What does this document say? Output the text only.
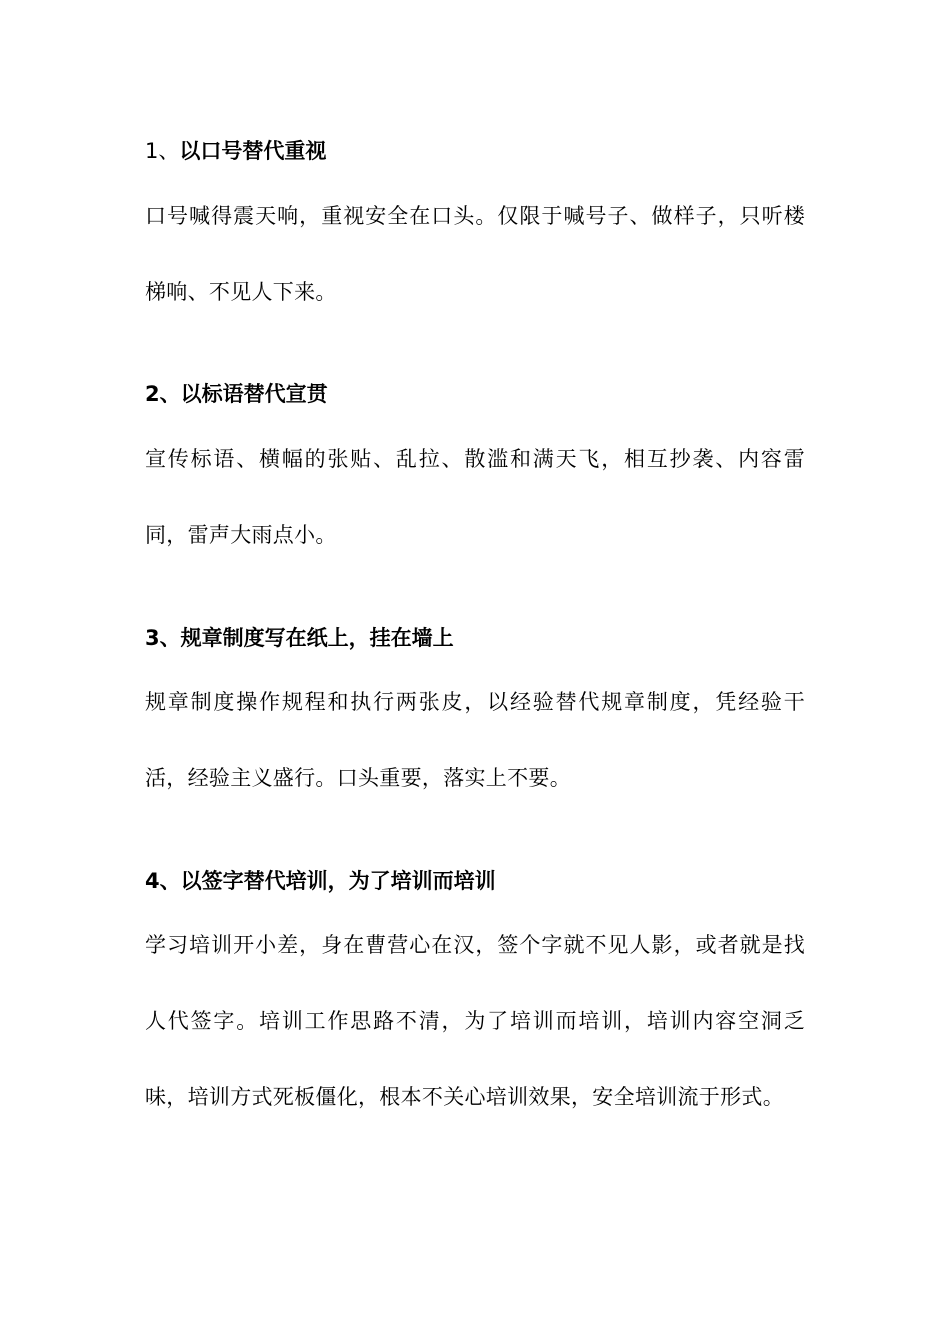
1、以口号替代重视

口号喊得震天响，重视安全在口头。仅限于喊号子、做样子，只听楼梯响、不见人下来。

2、以标语替代宣贯

宣传标语、横幅的张贴、乱拉、散滥和满天飞，相互抄袭、内容雷同，雷声大雨点小。

3、规章制度写在纸上，挂在墙上

规章制度操作规程和执行两张皮，以经验替代规章制度，凭经验干活，经验主义盛行。口头重要，落实上不要。

4、以签字替代培训，为了培训而培训

学习培训开小差，身在曹营心在汉，签个字就不见人影，或者就是找人代签字。培训工作思路不清，为了培训而培训，培训内容空洞乏味，培训方式死板僵化，根本不关心培训效果，安全培训流于形式。
